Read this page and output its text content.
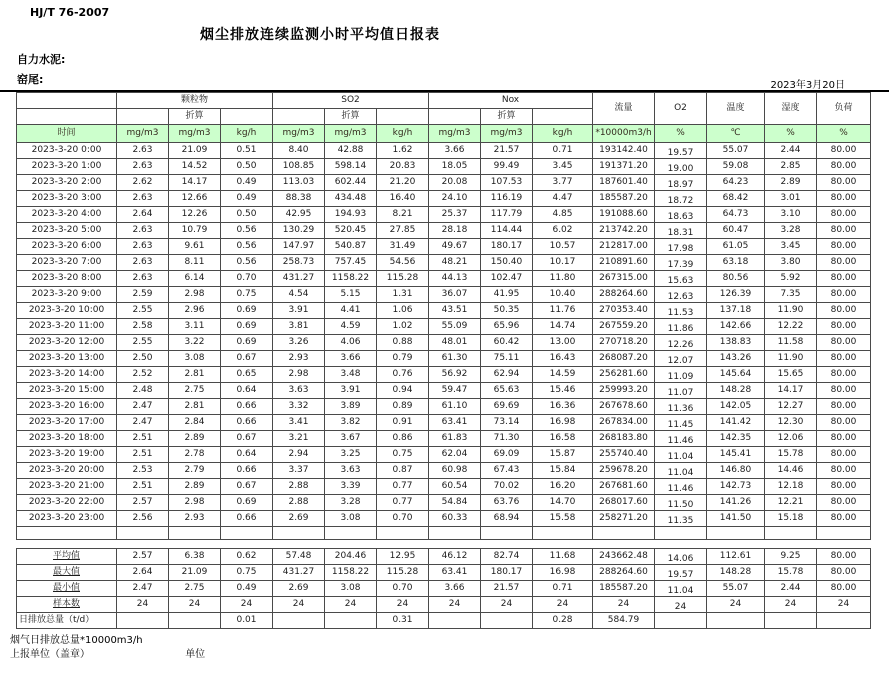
HJ/T 76-2007
烟尘排放连续监测小时平均值日报表
自力水泥:
窑尾:	2023年3月20日
	颗粒物			SO2			Nox			流量	O2	温度	湿度	负荷
		折算			折算			折算						
时间	mg/m3	mg/m3	kg/h	mg/m3	mg/m3	kg/h	mg/m3	mg/m3	kg/h	*10000m3/h	%	℃	%	%
2023-3-20 0:00	2.63	21.09	0.51	8.40	42.88	1.62	3.66	21.57	0.71	193142.40	19.57	55.07	2.44	80.00
2023-3-20 1:00	2.63	14.52	0.50	108.85	598.14	20.83	18.05	99.49	3.45	191371.20	19.00	59.08	2.85	80.00
2023-3-20 2:00	2.62	14.17	0.49	113.03	602.44	21.20	20.08	107.53	3.77	187601.40	18.97	64.23	2.89	80.00
2023-3-20 3:00	2.63	12.66	0.49	88.38	434.48	16.40	24.10	116.19	4.47	185587.20	18.72	68.42	3.01	80.00
2023-3-20 4:00	2.64	12.26	0.50	42.95	194.93	8.21	25.37	117.79	4.85	191088.60	18.63	64.73	3.10	80.00
2023-3-20 5:00	2.63	10.79	0.56	130.29	520.45	27.85	28.18	114.44	6.02	213742.20	18.31	60.47	3.28	80.00
2023-3-20 6:00	2.63	9.61	0.56	147.97	540.87	31.49	49.67	180.17	10.57	212817.00	17.98	61.05	3.45	80.00
2023-3-20 7:00	2.63	8.11	0.56	258.73	757.45	54.56	48.21	150.40	10.17	210891.60	17.39	63.18	3.80	80.00
2023-3-20 8:00	2.63	6.14	0.70	431.27	1158.22	115.28	44.13	102.47	11.80	267315.00	15.63	80.56	5.92	80.00
2023-3-20 9:00	2.59	2.98	0.75	4.54	5.15	1.31	36.07	41.95	10.40	288264.60	12.63	126.39	7.35	80.00
2023-3-20 10:00	2.55	2.96	0.69	3.91	4.41	1.06	43.51	50.35	11.76	270353.40	11.53	137.18	11.90	80.00
2023-3-20 11:00	2.58	3.11	0.69	3.81	4.59	1.02	55.09	65.96	14.74	267559.20	11.86	142.66	12.22	80.00
2023-3-20 12:00	2.55	3.22	0.69	3.26	4.06	0.88	48.01	60.42	13.00	270718.20	12.26	138.83	11.58	80.00
2023-3-20 13:00	2.50	3.08	0.67	2.93	3.66	0.79	61.30	75.11	16.43	268087.20	12.07	143.26	11.90	80.00
2023-3-20 14:00	2.52	2.81	0.65	2.98	3.48	0.76	56.92	62.94	14.59	256281.60	11.09	145.64	15.65	80.00
2023-3-20 15:00	2.48	2.75	0.64	3.63	3.91	0.94	59.47	65.63	15.46	259993.20	11.07	148.28	14.17	80.00
2023-3-20 16:00	2.47	2.81	0.66	3.32	3.89	0.89	61.10	69.69	16.36	267678.60	11.36	142.05	12.27	80.00
2023-3-20 17:00	2.47	2.84	0.66	3.41	3.82	0.91	63.41	73.14	16.98	267834.00	11.45	141.42	12.30	80.00
2023-3-20 18:00	2.51	2.89	0.67	3.21	3.67	0.86	61.83	71.30	16.58	268183.80	11.46	142.35	12.06	80.00
2023-3-20 19:00	2.51	2.78	0.64	2.94	3.25	0.75	62.04	69.09	15.87	255740.40	11.04	145.41	15.78	80.00
2023-3-20 20:00	2.53	2.79	0.66	3.37	3.63	0.87	60.98	67.43	15.84	259678.20	11.04	146.80	14.46	80.00
2023-3-20 21:00	2.51	2.89	0.67	2.88	3.39	0.77	60.54	70.02	16.20	267681.60	11.46	142.73	12.18	80.00
2023-3-20 22:00	2.57	2.98	0.69	2.88	3.28	0.77	54.84	63.76	14.70	268017.60	11.50	141.26	12.21	80.00
2023-3-20 23:00	2.56	2.93	0.66	2.69	3.08	0.70	60.33	68.94	15.58	258271.20	11.35	141.50	15.18	80.00

平均值	2.57	6.38	0.62	57.48	204.46	12.95	46.12	82.74	11.68	243662.48	14.06	112.61	9.25	80.00
最大值	2.64	21.09	0.75	431.27	1158.22	115.28	63.41	180.17	16.98	288264.60	19.57	148.28	15.78	80.00
最小值	2.47	2.75	0.49	2.69	3.08	0.70	3.66	21.57	0.71	185587.20	11.04	55.07	2.44	80.00
样本数	24	24	24	24	24	24	24	24	24	24	24	24	24	24
日排放总量（t/d）			0.01			0.31			0.28	584.79				
烟气日排放总量*10000m3/h
上报单位（盖章）	单位
